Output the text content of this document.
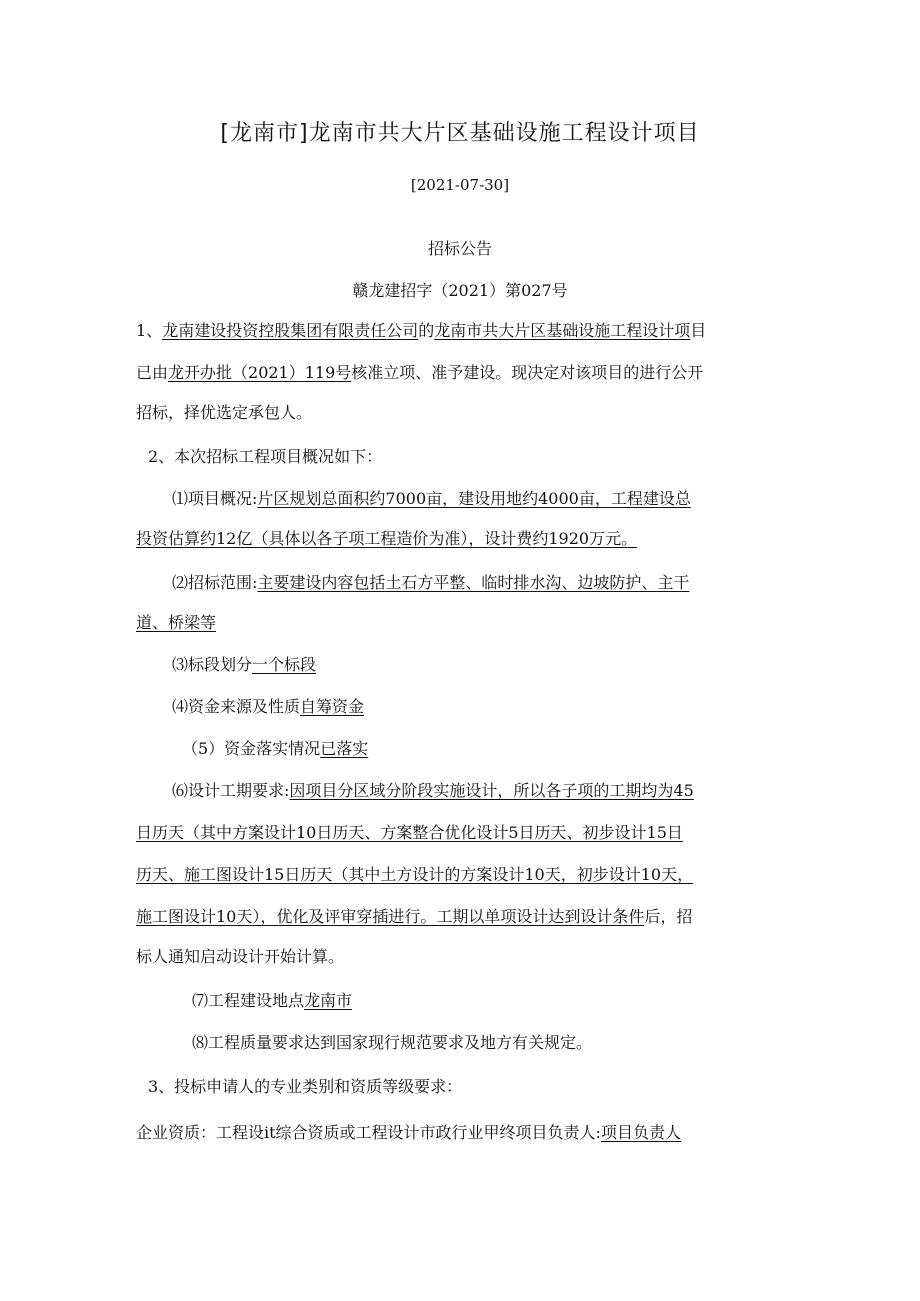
[龙南市]龙南市共大片区基础设施工程设计项目
[2021-07-30]
招标公告
赣龙建招字（2021）第027号
1、龙南建设投资控股集团有限责任公司的龙南市共大片区基础设施工程设计项目
已由龙开办批（2021）119号核准立项、准予建设。现决定对该项目的进行公开
招标，择优选定承包人。
2、本次招标工程项目概况如下：
⑴项目概况:片区规划总面积约7000亩，建设用地约4000亩，工程建设总
投资估算约12亿（具体以各子项工程造价为准），设计费约1920万元。
⑵招标范围:主要建设内容包括土石方平整、临时排水沟、边坡防护、主干
道、桥梁等
⑶标段划分一个标段
⑷资金来源及性质自筹资金
（5）资金落实情况已落实
⑹设计工期要求:因项目分区域分阶段实施设计，所以各子项的工期均为45
日历天（其中方案设计10日历天、方案整合优化设计5日历天、初步设计15日
历天、施工图设计15日历天（其中土方设计的方案设计10天，初步设计10天，
施工图设计10天），优化及评审穿插进行。工期以单项设计达到设计条件后，招
标人通知启动设计开始计算。
⑺工程建设地点龙南市
⑻工程质量要求达到国家现行规范要求及地方有关规定。
3、投标申请人的专业类别和资质等级要求：
企业资质：工程设it综合资质或工程设计市政行业甲终项目负责人:项目负责人
